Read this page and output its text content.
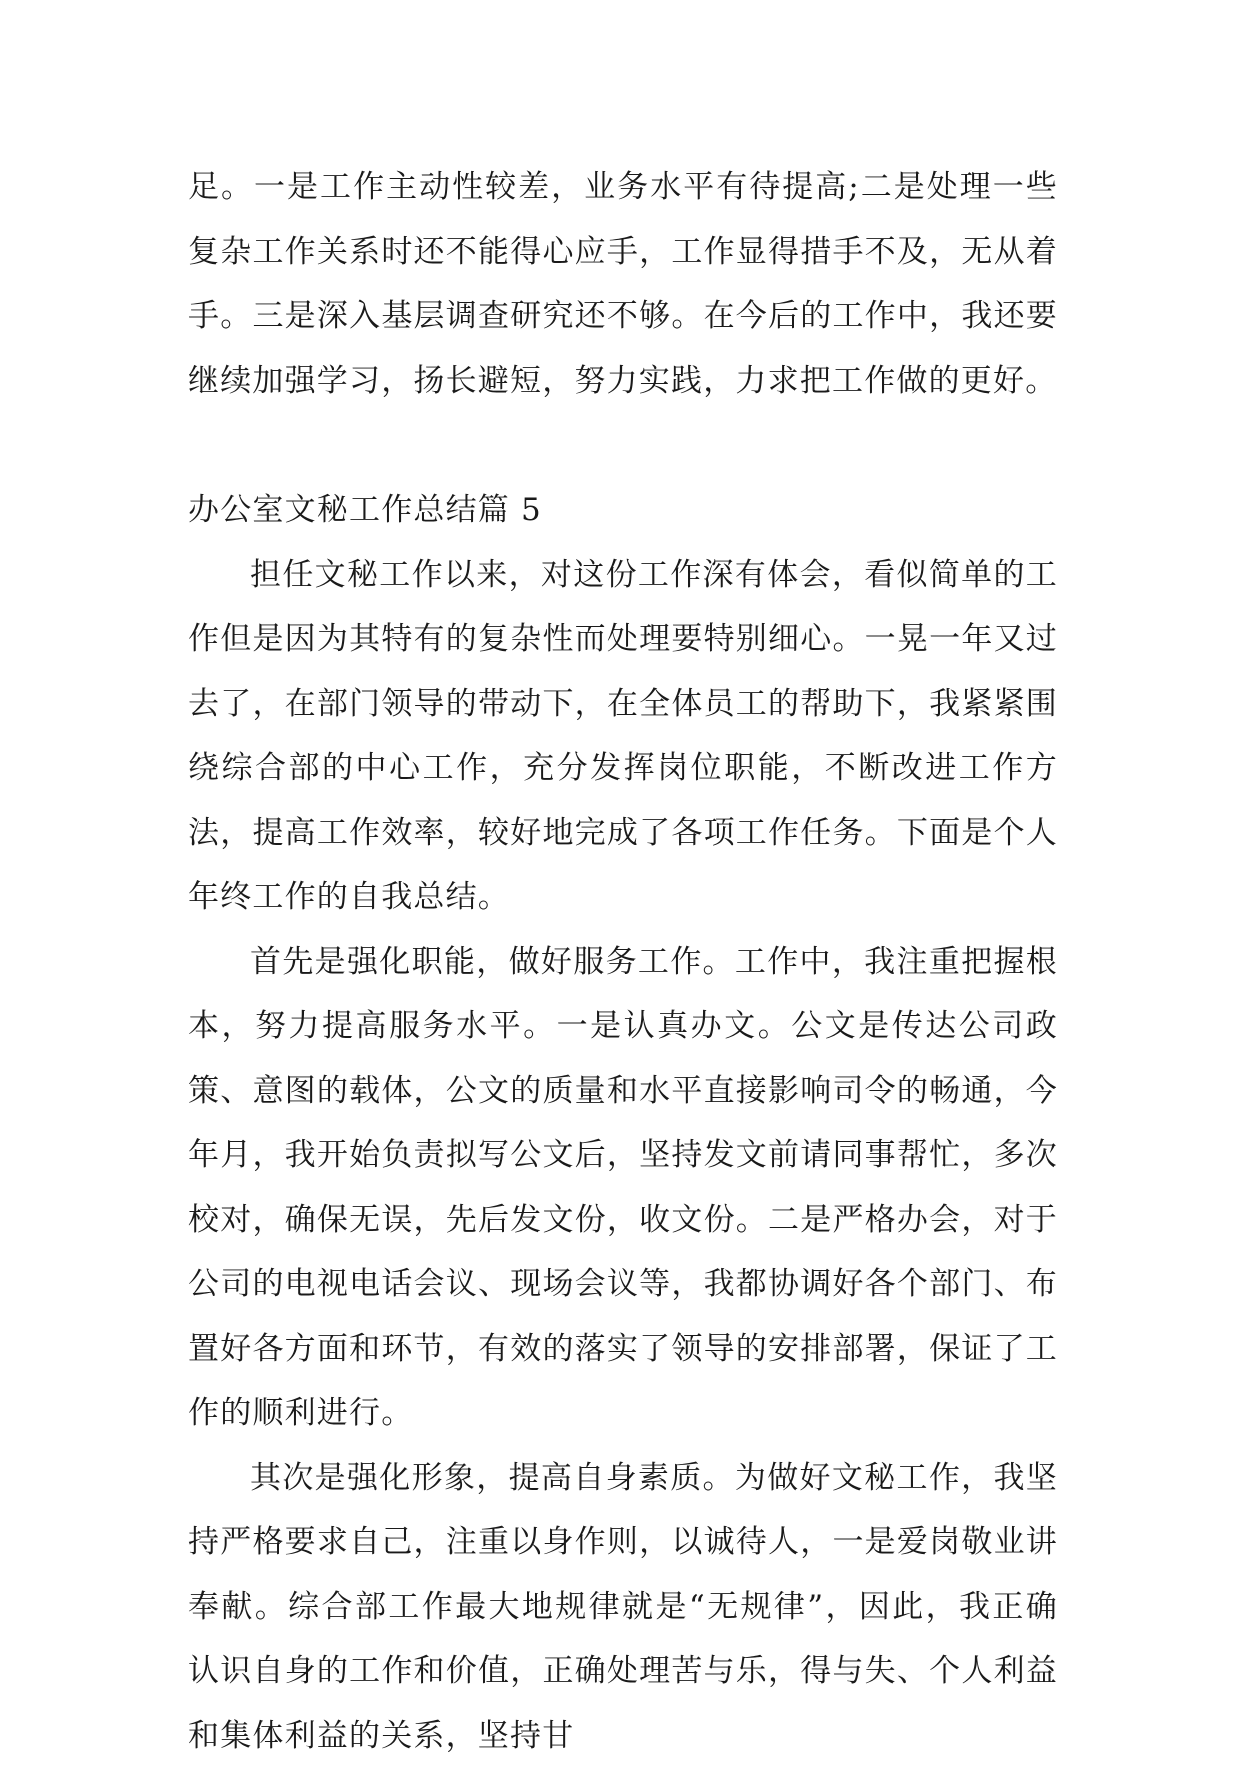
足。一是工作主动性较差，业务水平有待提高;二是处理一些复杂工作关系时还不能得心应手，工作显得措手不及，无从着手。三是深入基层调查研究还不够。在今后的工作中，我还要继续加强学习，扬长避短，努力实践，力求把工作做的更好。

办公室文秘工作总结篇 5

担任文秘工作以来，对这份工作深有体会，看似简单的工作但是因为其特有的复杂性而处理要特别细心。一晃一年又过去了，在部门领导的带动下，在全体员工的帮助下，我紧紧围绕综合部的中心工作，充分发挥岗位职能，不断改进工作方法，提高工作效率，较好地完成了各项工作任务。下面是个人年终工作的自我总结。

首先是强化职能，做好服务工作。工作中，我注重把握根本，努力提高服务水平。一是认真办文。公文是传达公司政策、意图的载体，公文的质量和水平直接影响司令的畅通，今年月，我开始负责拟写公文后，坚持发文前请同事帮忙，多次校对，确保无误，先后发文份，收文份。二是严格办会，对于公司的电视电话会议、现场会议等，我都协调好各个部门、布置好各方面和环节，有效的落实了领导的安排部署，保证了工作的顺利进行。

其次是强化形象，提高自身素质。为做好文秘工作，我坚持严格要求自己，注重以身作则，以诚待人，一是爱岗敬业讲奉献。综合部工作最大地规律就是“无规律”，因此，我正确认识自身的工作和价值，正确处理苦与乐，得与失、个人利益和集体利益的关系，坚持甘
